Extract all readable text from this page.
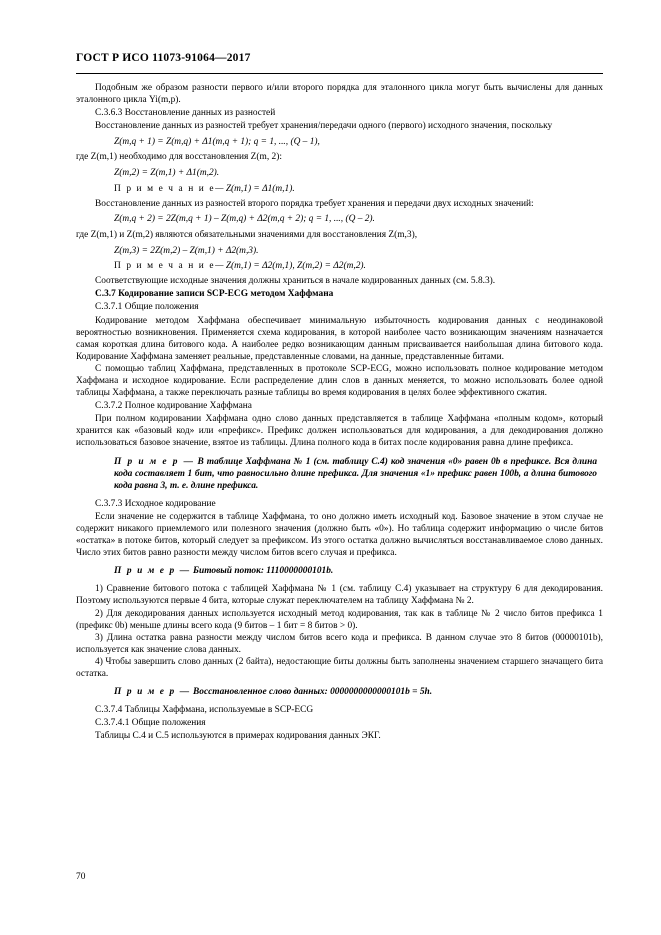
ГОСТ Р ИСО 11073-91064—2017

Подобным же образом разности первого и/или второго порядка для эталонного цикла могут быть вычислены для данных эталонного цикла Yi(m,p).

С.3.6.3 Восстановление данных из разностей

Восстановление данных из разностей требует хранения/передачи одного (первого) исходного значения, поскольку

Z(m,q + 1) = Z(m,q) + Δ1(m,q + 1); q = 1, ..., (Q – 1),

где Z(m,1) необходимо для восстановления Z(m, 2):

Z(m,2) = Z(m,1) + Δ1(m,2).

П р и м е ч а н и е— Z(m,1) = Δ1(m,1).

Восстановление данных из разностей второго порядка требует хранения и передачи двух исходных значений:

Z(m,q + 2) = 2Z(m,q + 1) – Z(m,q) + Δ2(m,q + 2); q = 1, ..., (Q – 2).

где Z(m,1) и Z(m,2) являются обязательными значениями для восстановления Z(m,3),

Z(m,3) = 2Z(m,2) – Z(m,1) + Δ2(m,3).

П р и м е ч а н и е— Z(m,1) = Δ2(m,1), Z(m,2) = Δ2(m,2).

Соответствующие исходные значения должны храниться в начале кодированных данных (см. 5.8.3).

С.3.7 Кодирование записи SCP-ECG методом Хаффмана

С.3.7.1 Общие положения

Кодирование методом Хаффмана обеспечивает минимальную избыточность кодирования данных с неодинаковой вероятностью возникновения. Применяется схема кодирования, в которой наиболее часто возникающим значениям назначается самая короткая длина битового кода. А наиболее редко возникающим данным присваивается наибольшая длина битового кода. Кодирование Хаффмана заменяет реальные, представленные словами, на данные, представленные битами.

С помощью таблиц Хаффмана, представленных в протоколе SCP-ECG, можно использовать полное кодирование методом Хаффмана и исходное кодирование. Если распределение длин слов в данных меняется, то можно использовать более одной таблицы Хаффмана, а также переключать разные таблицы во время кодирования в целях более эффективного сжатия.

С.3.7.2 Полное кодирование Хаффмана

При полном кодировании Хаффмана одно слово данных представляется в таблице Хаффмана «полным кодом», который хранится как «базовый код» или «префикс». Префикс должен использоваться для кодирования, а для декодирования должно использоваться базовое значение, взятое из таблицы. Длина полного кода в битах после кодирования равна длине префикса.

П р и м е р — В таблице Хаффмана № 1 (см. таблицу С.4) код значения «0» равен 0b в префиксе. Вся длина кода составляет 1 бит, что равносильно длине префикса. Для значения «1» префикс равен 100b, а длина битового кода равна 3, т. е. длине префикса.

С.3.7.3 Исходное кодирование

Если значение не содержится в таблице Хаффмана, то оно должно иметь исходный код. Базовое значение в этом случае не содержит никакого приемлемого или полезного значения (должно быть «0»). Но таблица содержит информацию о числе битов «остатка» в потоке битов, который следует за префиксом. Из этого остатка должно вычисляться восстанавливаемое слово данных. Число этих битов равно разности между числом битов всего случая и префикса.

П р и м е р — Битовый поток: 1110000000101b.

1) Сравнение битового потока с таблицей Хаффмана № 1 (см. таблицу С.4) указывает на структуру 6 для декодирования. Поэтому используются первые 4 бита, которые служат переключателем на таблицу Хаффмана № 2.

2) Для декодирования данных используется исходный метод кодирования, так как в таблице № 2 число битов префикса 1 (префикс 0b) меньше длины всего кода (9 битов – 1 бит = 8 битов > 0).

3) Длина остатка равна разности между числом битов всего кода и префикса. В данном случае это 8 битов (00000101b), используется как значение слова данных.

4) Чтобы завершить слово данных (2 байта), недостающие биты должны быть заполнены значением старшего значащего бита остатка.

П р и м е р — Восстановленное слово данных: 0000000000000101b = 5h.

С.3.7.4 Таблицы Хаффмана, используемые в SCP-ECG

С.3.7.4.1 Общие положения

Таблицы С.4 и С.5 используются в примерах кодирования данных ЭКГ.

70
